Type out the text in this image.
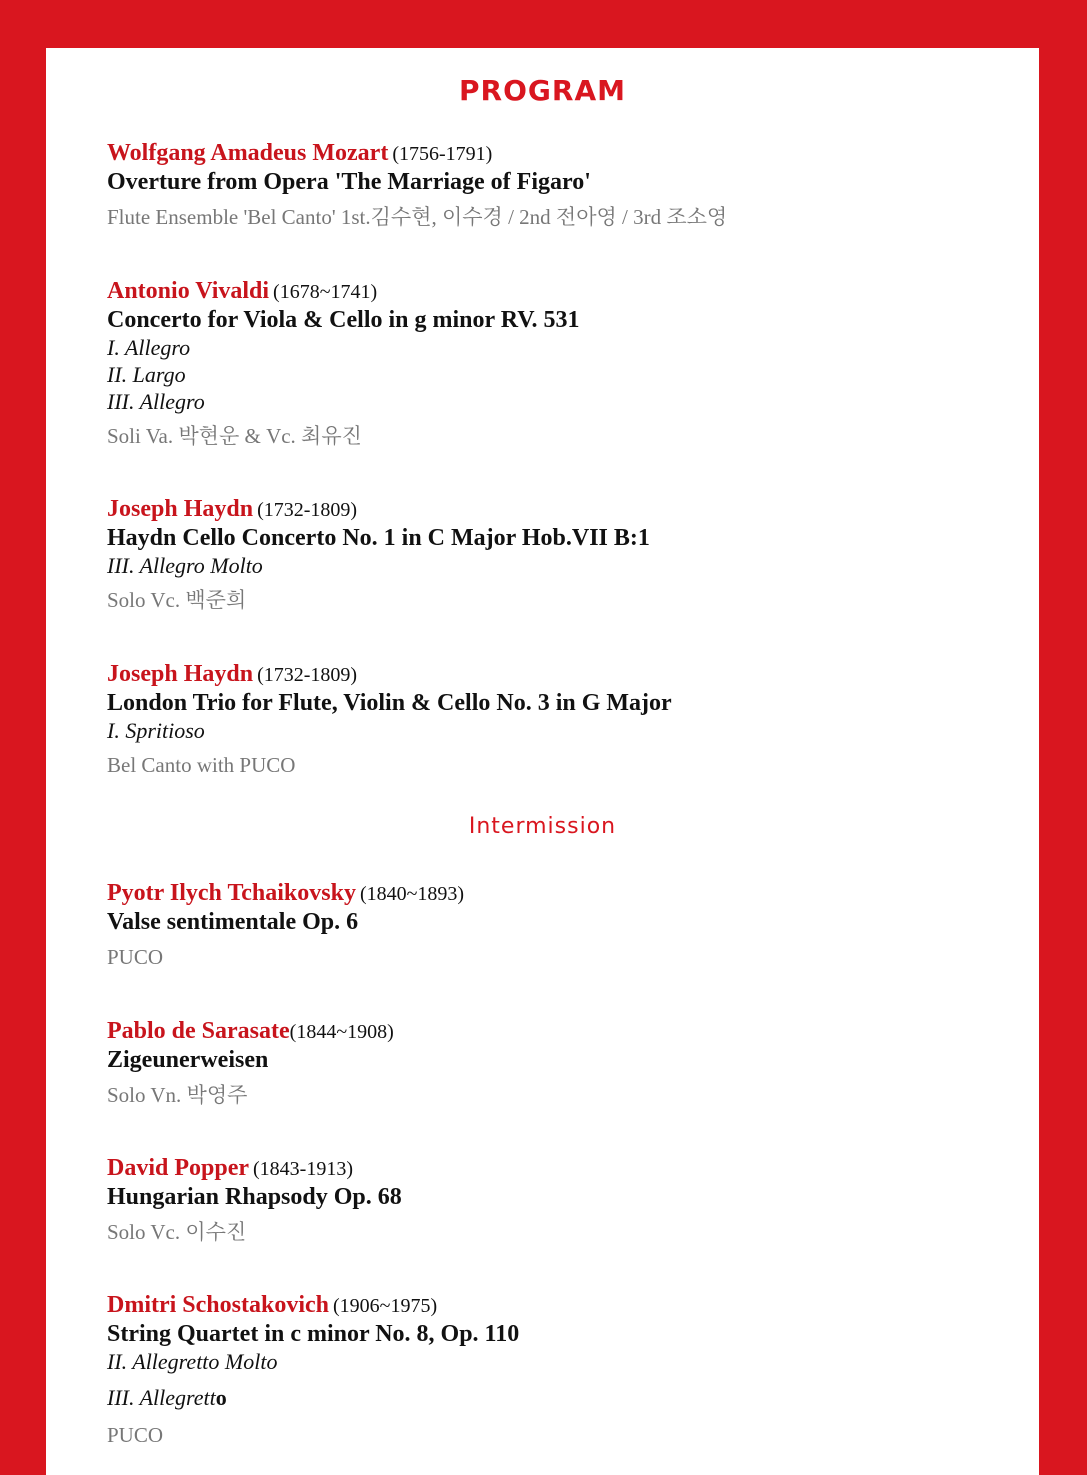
PROGRAM
Wolfgang Amadeus Mozart (1756-1791)
Overture from Opera 'The Marriage of Figaro'
Flute Ensemble 'Bel Canto' 1st.김수현, 이수경 / 2nd 전아영 / 3rd 조소영
Antonio Vivaldi (1678~1741)
Concerto for Viola & Cello in g minor RV. 531
I. Allegro
II. Largo
III. Allegro
Soli Va. 박현운 & Vc. 최유진
Joseph Haydn (1732-1809)
Haydn Cello Concerto No. 1 in C Major Hob.VII B:1
III. Allegro Molto
Solo Vc. 백준희
Joseph Haydn (1732-1809)
London Trio for Flute, Violin & Cello No. 3 in G Major
I. Spritioso
Bel Canto with PUCO
Intermission
Pyotr Ilych Tchaikovsky (1840~1893)
Valse sentimentale Op. 6
PUCO
Pablo de Sarasate(1844~1908)
Zigeunerweisen
Solo Vn. 박영주
David Popper (1843-1913)
Hungarian Rhapsody Op. 68
Solo Vc. 이수진
Dmitri Schostakovich (1906~1975)
String Quartet in c minor No. 8, Op. 110
II. Allegretto Molto
III. Allegretto
PUCO
